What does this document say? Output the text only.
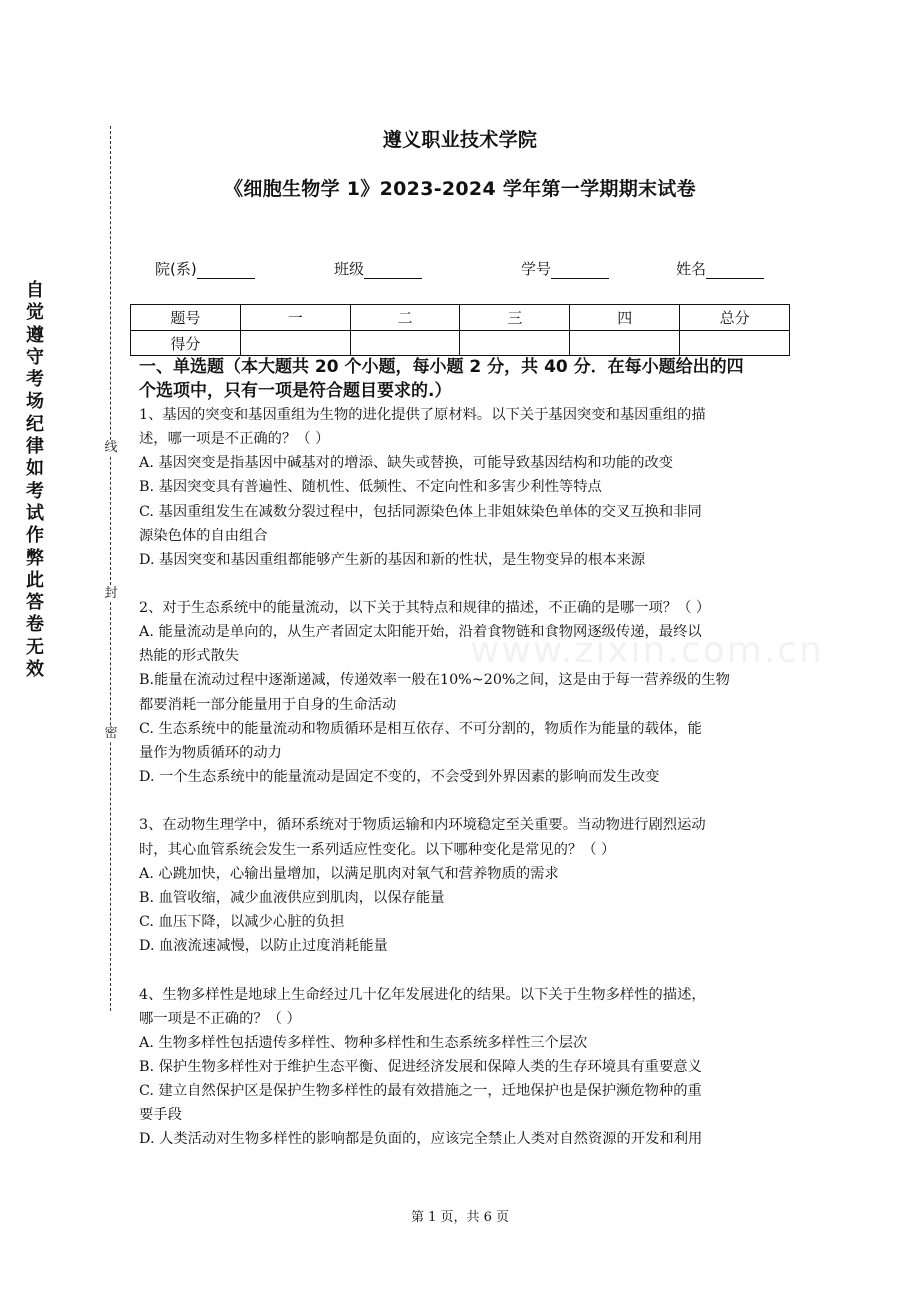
自觉遵守考场纪律如考试作弊此答卷无效
线
封
密
www.zixin.com.cn
遵义职业技术学院
《细胞生物学 1》2023-2024 学年第一学期期末试卷
院(系)	班级	学号	姓名
题号	一	二	三	四	总分
得分					
一、单选题（本大题共 20 个小题，每小题 2 分，共 40 分．在每小题给出的四
个选项中，只有一项是符合题目要求的.）
1、基因的突变和基因重组为生物的进化提供了原材料。以下关于基因突变和基因重组的描
述，哪一项是不正确的？（ ）
A. 基因突变是指基因中碱基对的增添、缺失或替换，可能导致基因结构和功能的改变
B. 基因突变具有普遍性、随机性、低频性、不定向性和多害少利性等特点
C. 基因重组发生在减数分裂过程中，包括同源染色体上非姐妹染色单体的交叉互换和非同
源染色体的自由组合
D. 基因突变和基因重组都能够产生新的基因和新的性状，是生物变异的根本来源
2、对于生态系统中的能量流动，以下关于其特点和规律的描述，不正确的是哪一项？（ ）
A. 能量流动是单向的，从生产者固定太阳能开始，沿着食物链和食物网逐级传递，最终以
热能的形式散失
B.能量在流动过程中逐渐递减，传递效率一般在10%~20%之间，这是由于每一营养级的生物
都要消耗一部分能量用于自身的生命活动
C. 生态系统中的能量流动和物质循环是相互依存、不可分割的，物质作为能量的载体，能
量作为物质循环的动力
D. 一个生态系统中的能量流动是固定不变的，不会受到外界因素的影响而发生改变
3、在动物生理学中，循环系统对于物质运输和内环境稳定至关重要。当动物进行剧烈运动
时，其心血管系统会发生一系列适应性变化。以下哪种变化是常见的？（ ）
A. 心跳加快，心输出量增加，以满足肌肉对氧气和营养物质的需求
B. 血管收缩，减少血液供应到肌肉，以保存能量
C. 血压下降，以减少心脏的负担
D. 血液流速减慢，以防止过度消耗能量
4、生物多样性是地球上生命经过几十亿年发展进化的结果。以下关于生物多样性的描述，
哪一项是不正确的？（ ）
A. 生物多样性包括遗传多样性、物种多样性和生态系统多样性三个层次
B. 保护生物多样性对于维护生态平衡、促进经济发展和保障人类的生存环境具有重要意义
C. 建立自然保护区是保护生物多样性的最有效措施之一，迁地保护也是保护濒危物种的重
要手段
D. 人类活动对生物多样性的影响都是负面的，应该完全禁止人类对自然资源的开发和利用
第 1 页，共 6 页
